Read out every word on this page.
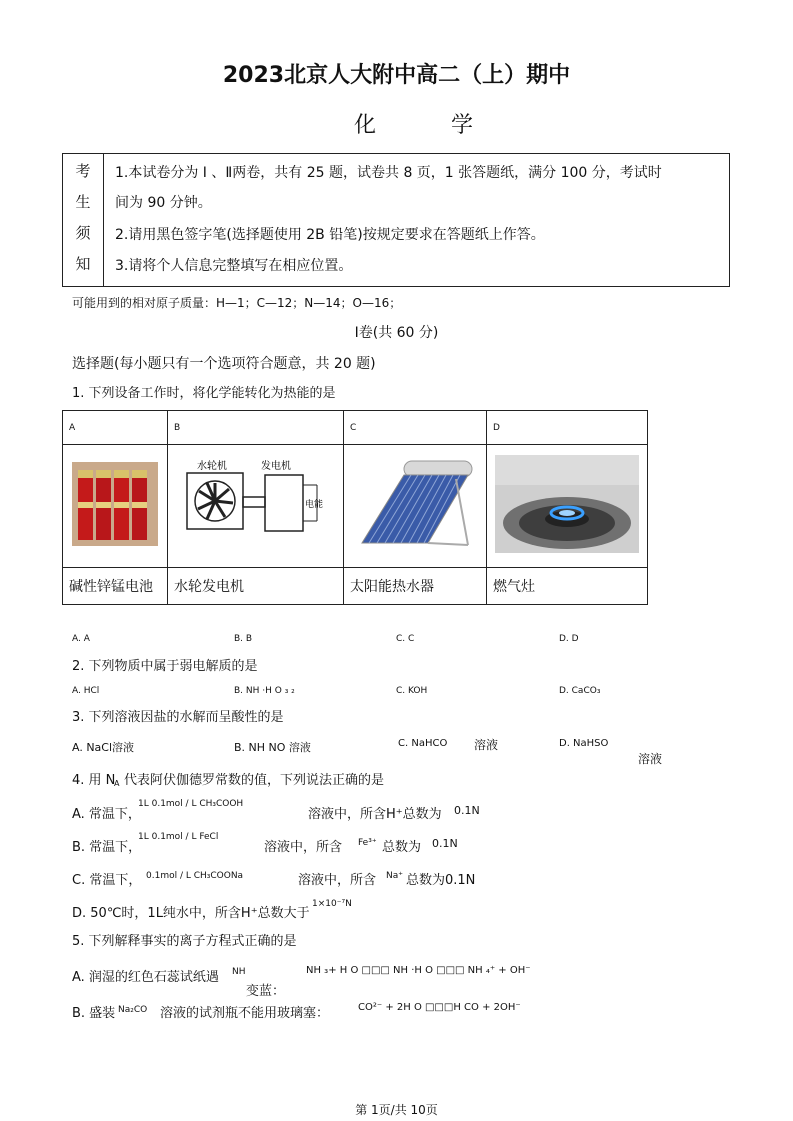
2023北京人大附中高二（上）期中
化 学
考
生
须
知
1.本试卷分为 Ⅰ 、Ⅱ两卷，共有 25 题，试卷共 8 页，1 张答题纸，满分 100 分，考试时
间为 90 分钟。
2.请用黑色签字笔(选择题使用 2B 铅笔)按规定要求在答题纸上作答。
3.请将个人信息完整填写在相应位置。
可能用到的相对原子质量：H—1；C—12；N—14；O—16；
Ⅰ卷(共 60 分)
选择题(每小题只有一个选项符合题意，共 20 题)
1. 下列设备工作时，将化学能转化为热能的是
A	B	C	D

水轮机 发电机
电能

碱性锌锰电池	水轮发电机	太阳能热水器	燃气灶
A. A	B. B	C. C	D. D
2. 下列物质中属于弱电解质的是
A. HCl	B. NH ·H O ₃ ₂	C. KOH	D. CaCO₃
3. 下列溶液因盐的水解而呈酸性的是
A. NaCl溶液	B. NH NO 溶液	C. NaHCO 溶液	D. NaHSO
溶液
4. 用 N
A 代表阿伏伽德罗常数的值，下列说法正确的是
A. 常温下，
1L 0.1mol / L CH₃COOH
溶液中，所含H⁺总数为 0.1N
B. 常温下，
1L 0.1mol / L FeCl
溶液中，所含 Fe³⁺ 总数为 0.1N
C. 常温下， 0.1mol / L CH₃COONa	溶液中，所含 Na⁺ 总数为0.1N
D. 50℃时，1L纯水中，所含H⁺总数大于
1×10⁻⁷N
5. 下列解释事实的离子方程式正确的是
A. 润湿的红色石蕊试纸遇 NH
变蓝：
NH ₃+ H O □□□ NH ·H O □□□ NH ₄⁺ + OH⁻
B. 盛装 Na₂CO 溶液的试剂瓶不能用玻璃塞：	CO²⁻ + 2H O □□□H CO + 2OH⁻
第 1页/共 10页
